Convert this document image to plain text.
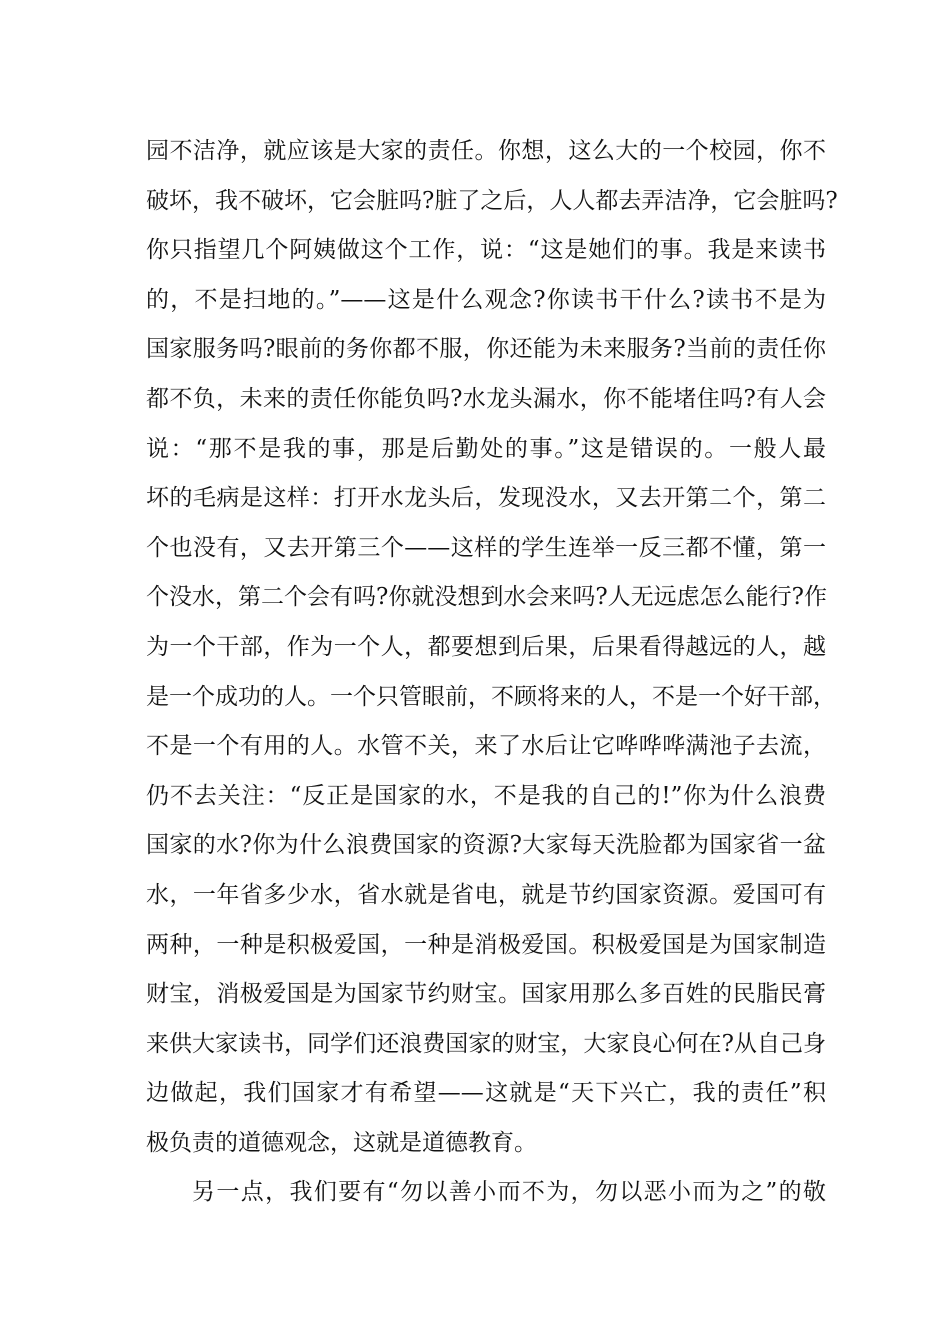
园不洁净，就应该是大家的责任。你想，这么大的一个校园，你不
破坏，我不破坏，它会脏吗?脏了之后，人人都去弄洁净，它会脏吗?
你只指望几个阿姨做这个工作，说：“这是她们的事。我是来读书
的，不是扫地的。”——这是什么观念?你读书干什么?读书不是为
国家服务吗?眼前的务你都不服，你还能为未来服务?当前的责任你
都不负，未来的责任你能负吗?水龙头漏水，你不能堵住吗?有人会
说：“那不是我的事，那是后勤处的事。”这是错误的。一般人最
坏的毛病是这样：打开水龙头后，发现没水，又去开第二个，第二
个也没有，又去开第三个——这样的学生连举一反三都不懂，第一
个没水，第二个会有吗?你就没想到水会来吗?人无远虑怎么能行?作
为一个干部，作为一个人，都要想到后果，后果看得越远的人，越
是一个成功的人。一个只管眼前，不顾将来的人，不是一个好干部，
不是一个有用的人。水管不关，来了水后让它哗哗哗满池子去流，
仍不去关注：“反正是国家的水，不是我的自己的!”你为什么浪费
国家的水?你为什么浪费国家的资源?大家每天洗脸都为国家省一盆
水，一年省多少水，省水就是省电，就是节约国家资源。爱国可有
两种，一种是积极爱国，一种是消极爱国。积极爱国是为国家制造
财宝，消极爱国是为国家节约财宝。国家用那么多百姓的民脂民膏
来供大家读书，同学们还浪费国家的财宝，大家良心何在?从自己身
边做起，我们国家才有希望——这就是“天下兴亡，我的责任”积
极负责的道德观念，这就是道德教育。
另一点，我们要有“勿以善小而不为，勿以恶小而为之”的敬
